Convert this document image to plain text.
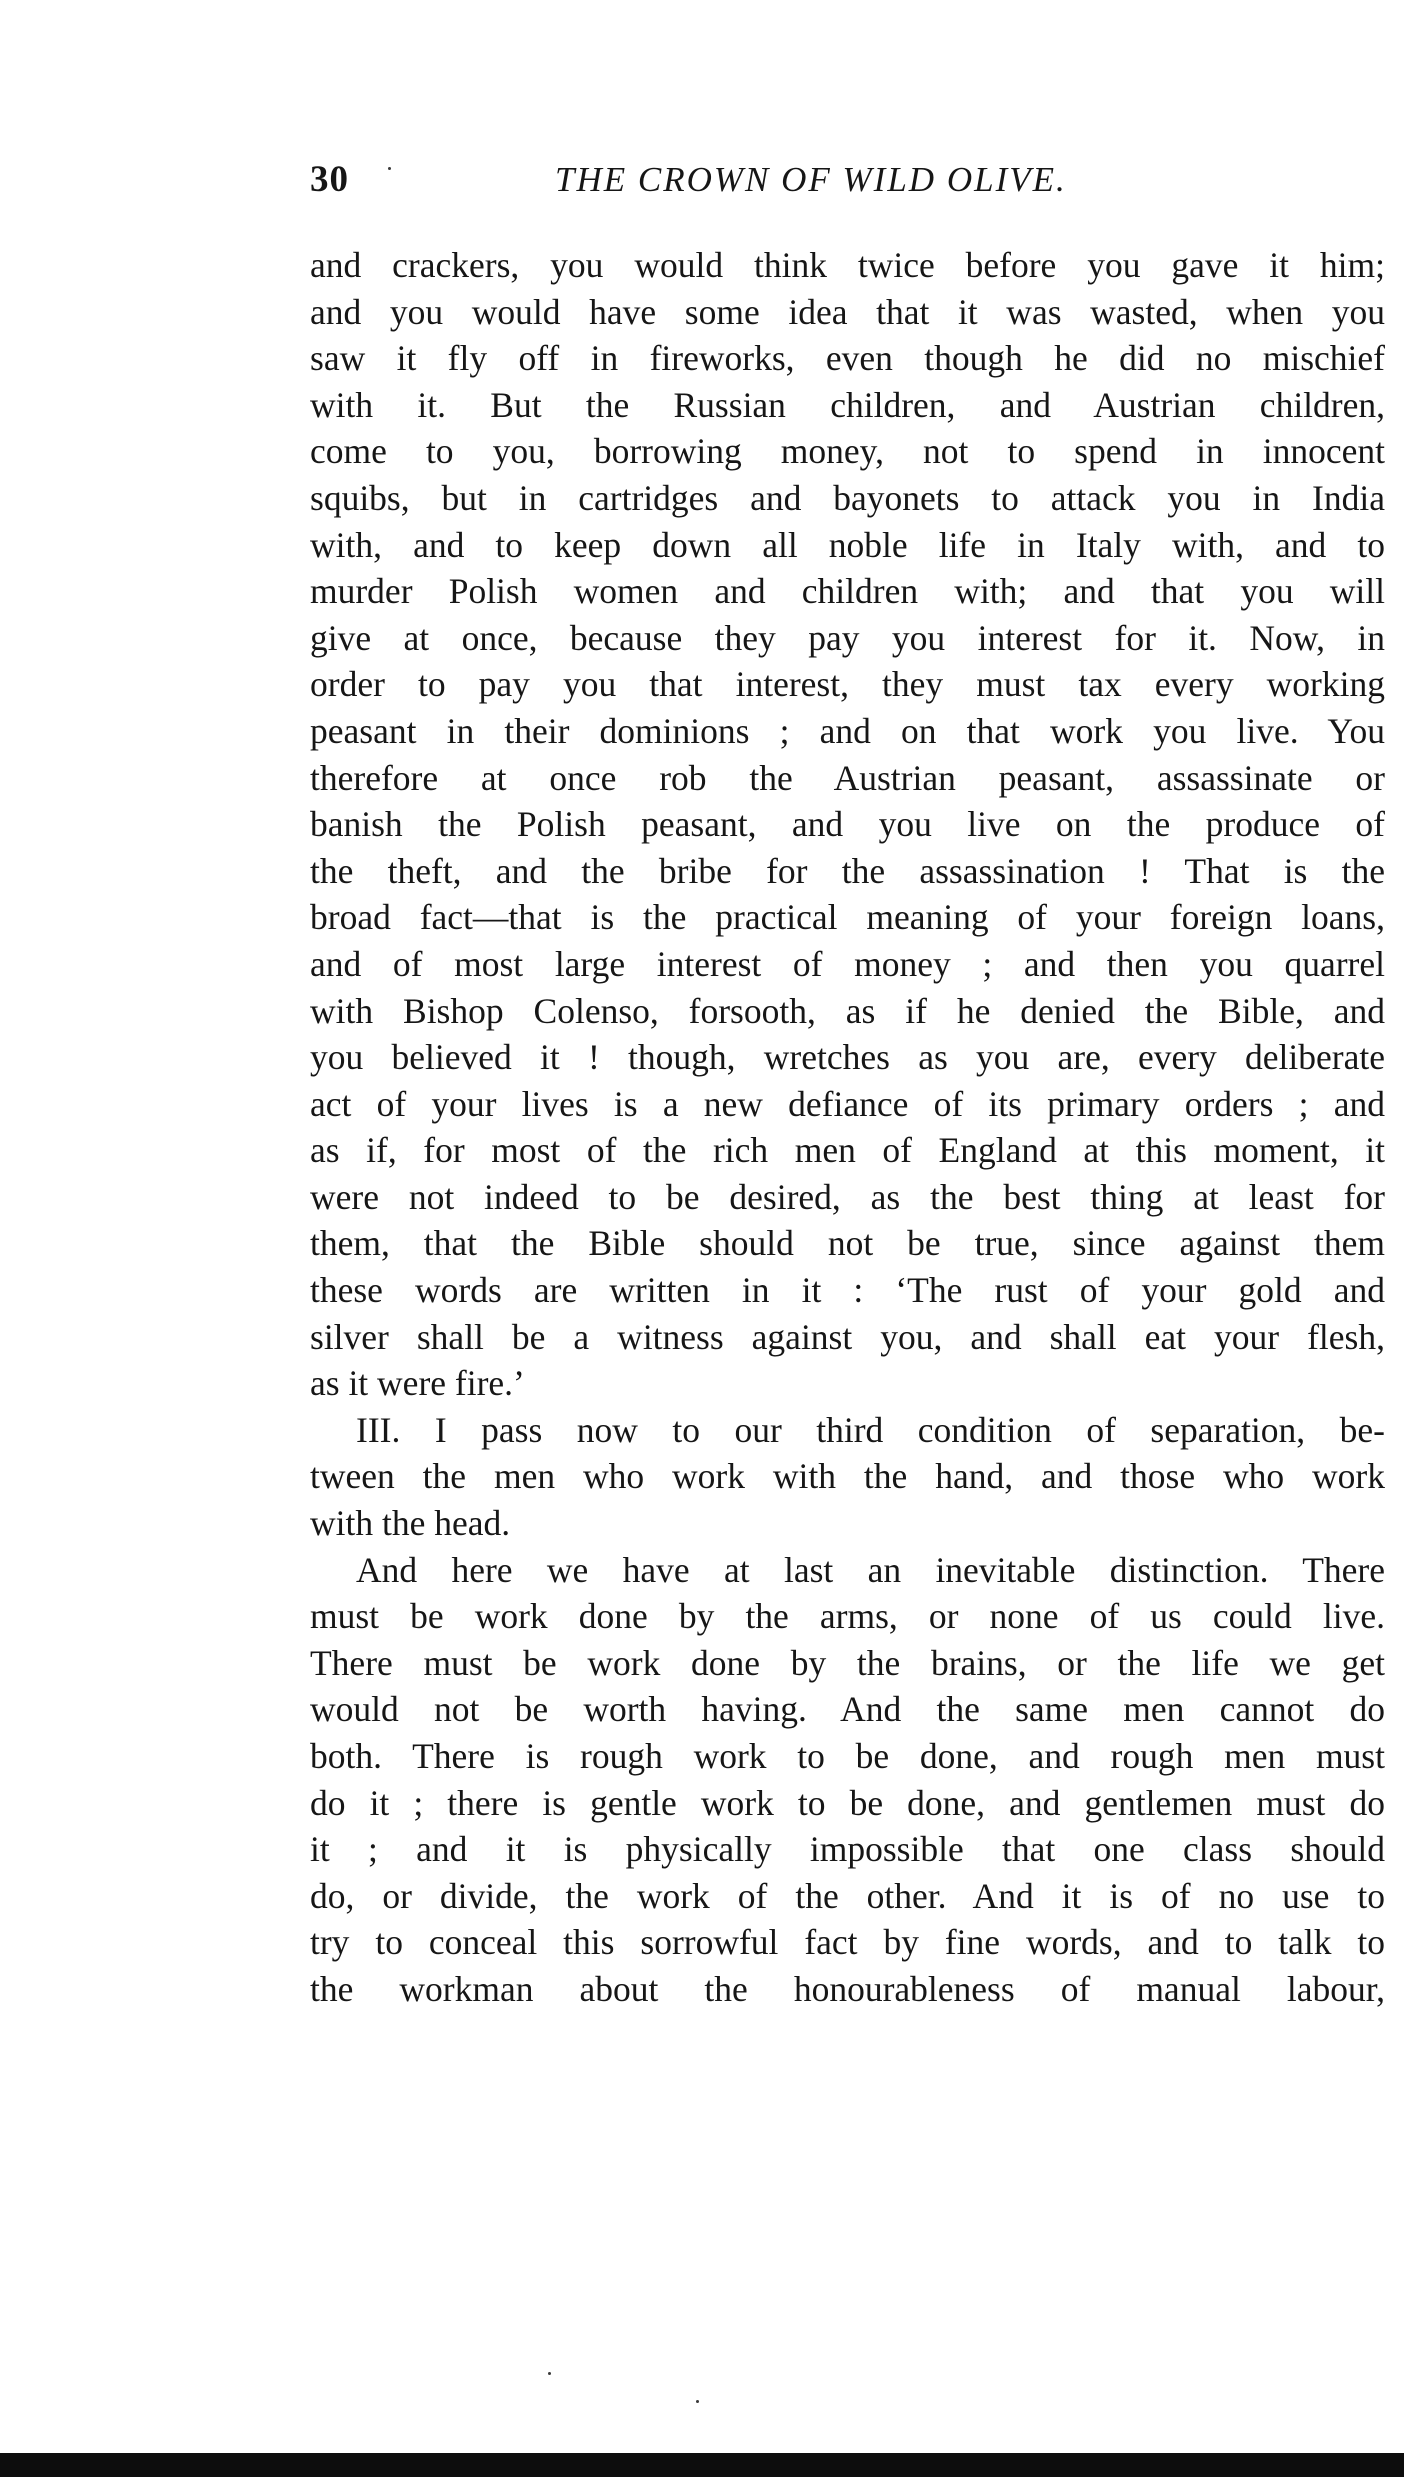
30	THE CROWN OF WILD OLIVE.
and crackers, you would think twice before you gave it him;
and you would have some idea that it was wasted, when you
saw it fly off in fireworks, even though he did no mischief
with it. But the Russian children, and Austrian children,
come to you, borrowing money, not to spend in innocent
squibs, but in cartridges and bayonets to attack you in India
with, and to keep down all noble life in Italy with, and to
murder Polish women and children with; and that you will
give at once, because they pay you interest for it. Now, in
order to pay you that interest, they must tax every working
peasant in their dominions ; and on that work you live. You
therefore at once rob the Austrian peasant, assassinate or
banish the Polish peasant, and you live on the produce of
the theft, and the bribe for the assassination ! That is the
broad fact—that is the practical meaning of your foreign loans,
and of most large interest of money ; and then you quarrel
with Bishop Colenso, forsooth, as if he denied the Bible, and
you believed it ! though, wretches as you are, every deliberate
act of your lives is a new defiance of its primary orders ; and
as if, for most of the rich men of England at this moment, it
were not indeed to be desired, as the best thing at least for
them, that the Bible should not be true, since against them
these words are written in it : ‘The rust of your gold and
silver shall be a witness against you, and shall eat your flesh,
as it were fire.’
III. I pass now to our third condition of separation, be-
tween the men who work with the hand, and those who work
with the head.
And here we have at last an inevitable distinction. There
must be work done by the arms, or none of us could live.
There must be work done by the brains, or the life we get
would not be worth having. And the same men cannot do
both. There is rough work to be done, and rough men must
do it ; there is gentle work to be done, and gentlemen must do
it ; and it is physically impossible that one class should
do, or divide, the work of the other. And it is of no use to
try to conceal this sorrowful fact by fine words, and to talk to
the workman about the honourableness of manual labour,
